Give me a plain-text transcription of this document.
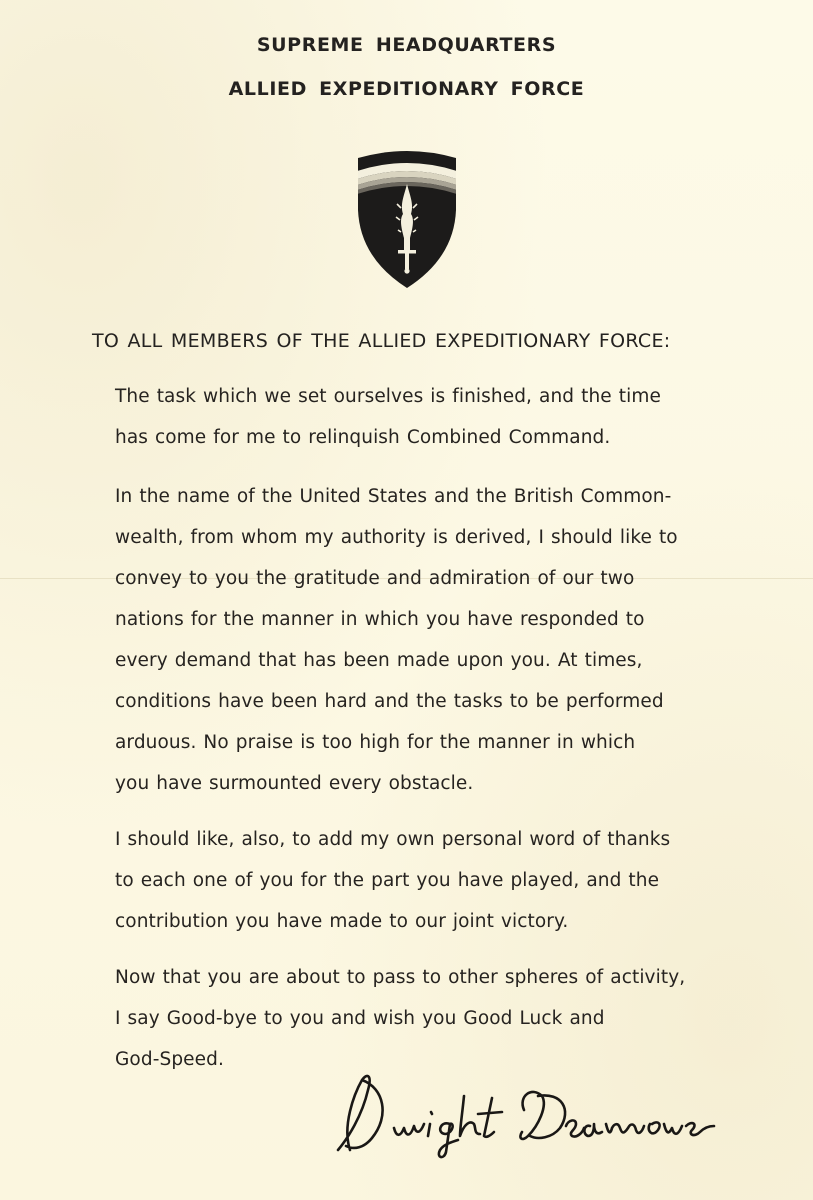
SUPREME HEADQUARTERS
ALLIED EXPEDITIONARY FORCE

TO ALL MEMBERS OF THE ALLIED EXPEDITIONARY FORCE:

The task which we set ourselves is finished, and the time
has come for me to relinquish Combined Command.
In the name of the United States and the British Common-
wealth, from whom my authority is derived, I should like to
convey to you the gratitude and admiration of our two
nations for the manner in which you have responded to
every demand that has been made upon you. At times,
conditions have been hard and the tasks to be performed
arduous. No praise is too high for the manner in which
you have surmounted every obstacle.
I should like, also, to add my own personal word of thanks
to each one of you for the part you have played, and the
contribution you have made to our joint victory.
Now that you are about to pass to other spheres of activity,
I say Good-bye to you and wish you Good Luck and
God-Speed.
